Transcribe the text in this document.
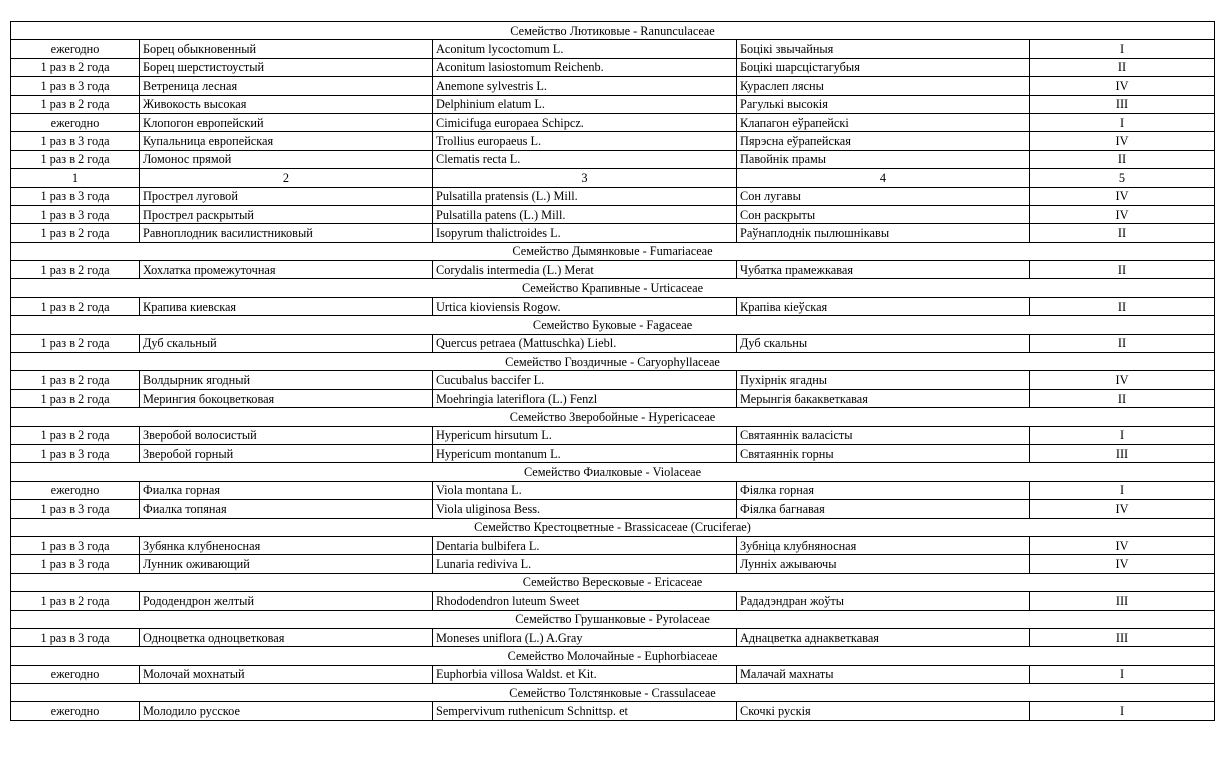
Семейство Лютиковые - Ranunculaceae				
ежегодно	Борец обыкновенный	Aconitum lycoctomum L.	Боцікі звычайныя	I
1 раз в 2 года	Борец шерстистоустый	Aconitum lasiostomum Reichenb.	Боцікі шарсцістагубыя	II
1 раз в 3 года	Ветреница лесная	Anemone sylvestris L.	Кураслеп лясны	IV
1 раз в 2 года	Живокость высокая	Delphinium elatum L.	Рагулькі высокія	III
ежегодно	Клопогон европейский	Cimicifuga europaea Schipcz.	Клапагон еўрапейскі	I
1 раз в 3 года	Купальница европейская	Trollius europaeus L.	Пярэсна еўрапейская	IV
1 раз в 2 года	Ломонос прямой	Clematis recta L.	Павойнік прамы	II
1	2	3	4	5
1 раз в 3 года	Прострел луговой	Pulsatilla pratensis (L.) Mill.	Сон лугавы	IV
1 раз в 3 года	Прострел раскрытый	Pulsatilla patens (L.) Mill.	Сон раскрыты	IV
1 раз в 2 года	Равноплодник василистниковый	Isopyrum thalictroides L.	Раўнаплоднік пылюшнікавы	II
Семейство Дымянковые - Fumariaceae				
1 раз в 2 года	Хохлатка промежуточная	Corydalis intermedia (L.) Merat	Чубатка прамежкавая	II
Семейство Крапивные - Urticaceae				
1 раз в 2 года	Крапива киевская	Urtica kioviensis Rogow.	Крапіва кіеўская	II
Семейство Буковые - Fagaceae				
1 раз в 2 года	Дуб скальный	Quercus petraea (Mattuschka) Liebl.	Дуб скальны	II
Семейство Гвоздичные - Caryophyllaceae				
1 раз в 2 года	Волдырник ягодный	Cucubalus baccifer L.	Пухірнік ягадны	IV
1 раз в 2 года	Мерингия бокоцветковая	Moehringia lateriflora (L.) Fenzl	Мерынгія бакакветкавая	II
Семейство Зверобойные - Hypericaceae				
1 раз в 2 года	Зверобой волосистый	Hypericum hirsutum L.	Святаяннік валасісты	I
1 раз в 3 года	Зверобой горный	Hypericum montanum L.	Святаяннік горны	III
Семейство Фиалковые - Violaceae				
ежегодно	Фиалка горная	Viola montana L.	Фіялка горная	I
1 раз в 3 года	Фиалка топяная	Viola uliginosa Bess.	Фіялка багнавая	IV
Семейство Крестоцветные - Brassicaceae (Cruciferae)				
1 раз в 3 года	Зубянка клубненосная	Dentaria bulbifera L.	Зубніца клубняносная	IV
1 раз в 3 года	Лунник оживающий	Lunaria rediviva L.	Лунніх ажываючы	IV
Семейство Вересковые - Ericaceae				
1 раз в 2 года	Рододендрон желтый	Rhododendron luteum Sweet	Рададэндран жоўты	III
Семейство Грушанковые - Pyrolaceae				
1 раз в 3 года	Одноцветка одноцветковая	Moneses uniflora (L.) A.Gray	Аднацветка аднакветкавая	III
Семейство Молочайные - Euphorbiaceae				
ежегодно	Молочай мохнатый	Euphorbia villosa Waldst. et Kit.	Малачай махнаты	I
Семейство Толстянковые - Crassulaceae				
ежегодно	Молодило русское	Sempervivum ruthenicum Schnittsp. et	Скочкі рускія	I
